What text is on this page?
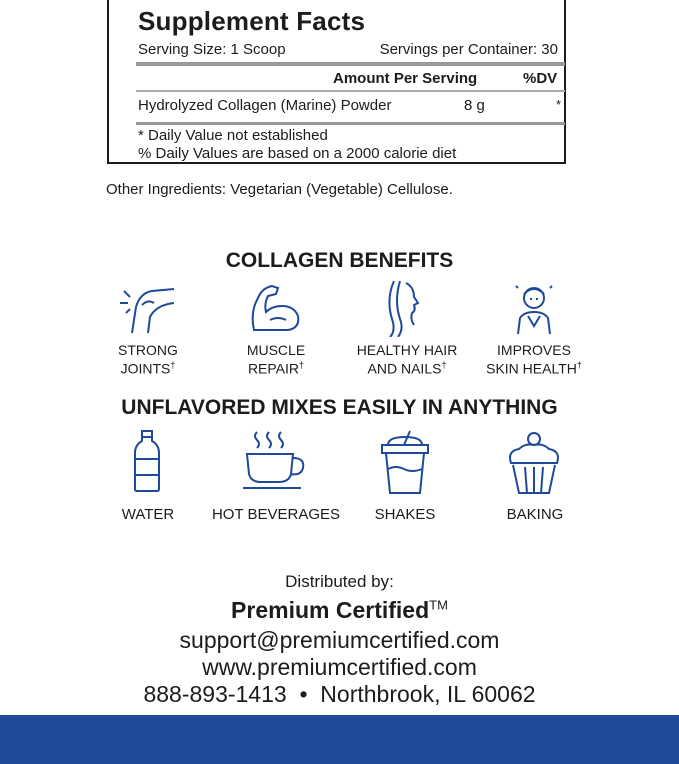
Supplement Facts
Serving Size: 1 Scoop	Servings per Container: 30
Amount Per Serving	%DV
Hydrolyzed Collagen (Marine) Powder	8 g	*
* Daily Value not established
% Daily Values are based on a 2000 calorie diet
Other Ingredients: Vegetarian (Vegetable) Cellulose.
COLLAGEN BENEFITS
STRONG
JOINTS†
MUSCLE
REPAIR†
HEALTHY HAIR
AND NAILS†
IMPROVES
SKIN HEALTH†
UNFLAVORED MIXES EASILY IN ANYTHING
WATER	HOT BEVERAGES	SHAKES	BAKING
Distributed by:
Premium Certified™
support@premiumcertified.com
www.premiumcertified.com
888-893-1413  •  Northbrook, IL 60062
